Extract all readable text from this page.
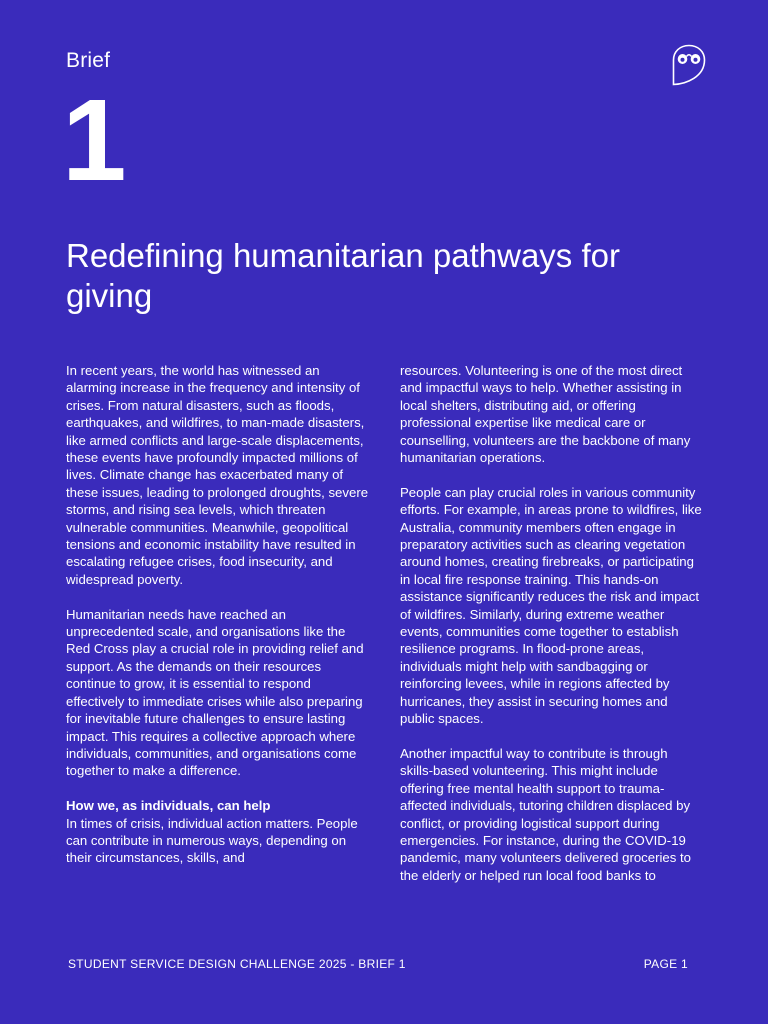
Brief
1
Redefining humanitarian pathways for giving

In recent years, the world has witnessed an alarming increase in the frequency and intensity of crises. From natural disasters, such as floods, earthquakes, and wildfires, to man-made disasters, like armed conflicts and large-scale displacements, these events have profoundly impacted millions of lives. Climate change has exacerbated many of these issues, leading to prolonged droughts, severe storms, and rising sea levels, which threaten vulnerable communities. Meanwhile, geopolitical tensions and economic instability have resulted in escalating refugee crises, food insecurity, and widespread poverty.

Humanitarian needs have reached an unprecedented scale, and organisations like the Red Cross play a crucial role in providing relief and support. As the demands on their resources continue to grow, it is essential to respond effectively to immediate crises while also preparing for inevitable future challenges to ensure lasting impact. This requires a collective approach where individuals, communities, and organisations come together to make a difference.

How we, as individuals, can help

In times of crisis, individual action matters. People can contribute in numerous ways, depending on their circumstances, skills, and

resources. Volunteering is one of the most direct and impactful ways to help. Whether assisting in local shelters, distributing aid, or offering professional expertise like medical care or counselling, volunteers are the backbone of many humanitarian operations.

People can play crucial roles in various community efforts. For example, in areas prone to wildfires, like Australia, community members often engage in preparatory activities such as clearing vegetation around homes, creating firebreaks, or participating in local fire response training. This hands-on assistance significantly reduces the risk and impact of wildfires. Similarly, during extreme weather events, communities come together to establish resilience programs. In flood-prone areas, individuals might help with sandbagging or reinforcing levees, while in regions affected by hurricanes, they assist in securing homes and public spaces.

Another impactful way to contribute is through skills-based volunteering. This might include offering free mental health support to trauma-affected individuals, tutoring children displaced by conflict, or providing logistical support during emergencies. For instance, during the COVID-19 pandemic, many volunteers delivered groceries to the elderly or helped run local food banks to

STUDENT SERVICE DESIGN CHALLENGE 2025 - BRIEF 1	PAGE 1
